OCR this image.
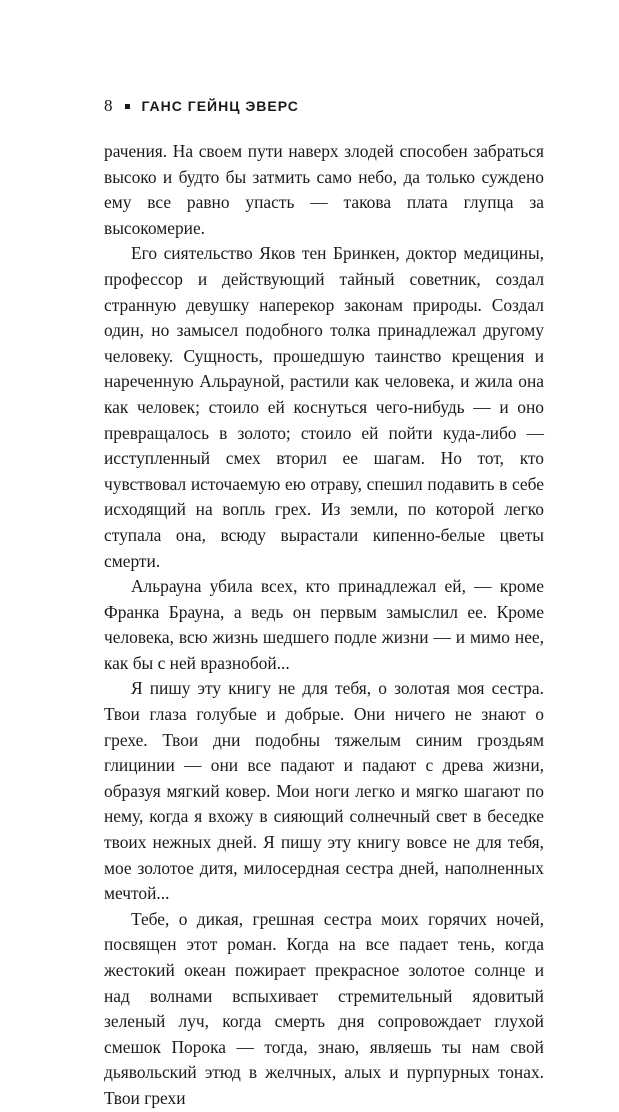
8 ГАНС ГЕЙНЦ ЭВЕРС

рачения. На своем пути наверх злодей способен забраться высоко и будто бы затмить само небо, да только суждено ему все равно упасть — такова плата глупца за высокомерие.

Его сиятельство Яков тен Бринкен, доктор медицины, профессор и действующий тайный советник, создал странную девушку наперекор законам природы. Создал один, но замысел подобного толка принадлежал другому человеку. Сущность, прошедшую таинство крещения и нареченную Альрауной, растили как человека, и жила она как человек; стоило ей коснуться чего-нибудь — и оно превращалось в золото; стоило ей пойти куда-либо — исступленный смех вторил ее шагам. Но тот, кто чувствовал источаемую ею отраву, спешил подавить в себе исходящий на вопль грех. Из земли, по которой легко ступала она, всюду вырастали кипенно-белые цветы смерти.

Альрауна убила всех, кто принадлежал ей, — кроме Франка Брауна, а ведь он первым замыслил ее. Кроме человека, всю жизнь шедшего подле жизни — и мимо нее, как бы с ней вразнобой...

Я пишу эту книгу не для тебя, о золотая моя сестра. Твои глаза голубые и добрые. Они ничего не знают о грехе. Твои дни подобны тяжелым синим гроздьям глицинии — они все падают и падают с древа жизни, образуя мягкий ковер. Мои ноги легко и мягко шагают по нему, когда я вхожу в сияющий солнечный свет в беседке твоих нежных дней. Я пишу эту книгу вовсе не для тебя, мое золотое дитя, милосердная сестра дней, наполненных мечтой...

Тебе, о дикая, грешная сестра моих горячих ночей, посвящен этот роман. Когда на все падает тень, когда жестокий океан пожирает прекрасное золотое солнце и над волнами вспыхивает стремительный ядовитый зеленый луч, когда смерть дня сопровождает глухой смешок Порока — тогда, знаю, являешь ты нам свой дьявольский этюд в желчных, алых и пурпурных тонах. Твои грехи
